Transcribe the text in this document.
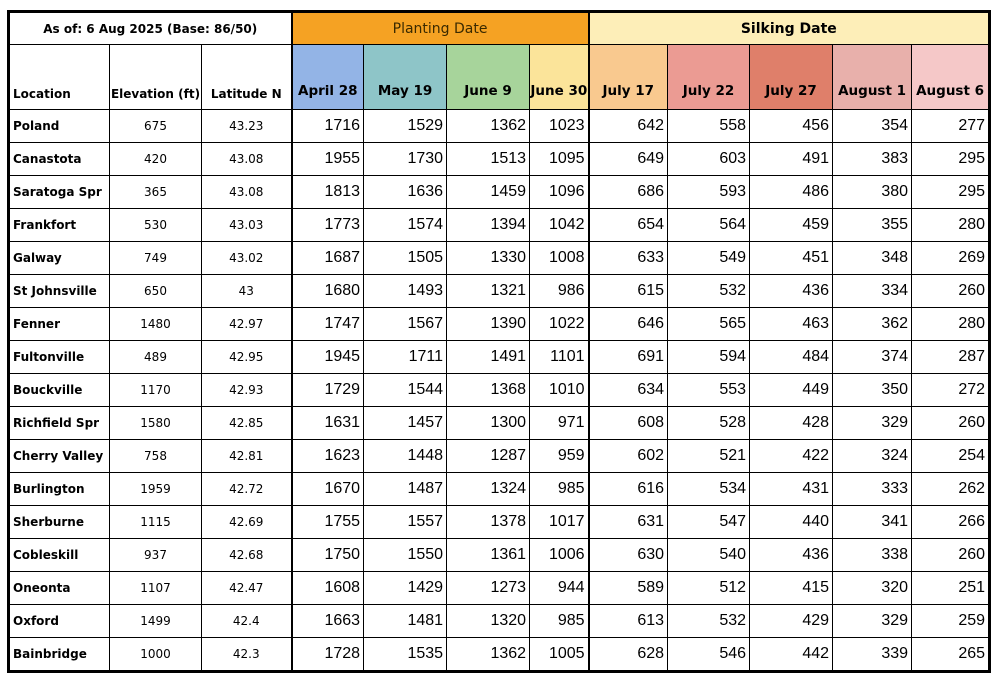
As of: 6 Aug 2025 (Base: 86/50)			Planting Date				Silking Date				
Location	Elevation (ft)	Latitude N	April 28	May 19	June 9	June 30	July 17	July 22	July 27	August 1	August 6
Poland	675	43.23	1716	1529	1362	1023	642	558	456	354	277
Canastota	420	43.08	1955	1730	1513	1095	649	603	491	383	295
Saratoga Spr	365	43.08	1813	1636	1459	1096	686	593	486	380	295
Frankfort	530	43.03	1773	1574	1394	1042	654	564	459	355	280
Galway	749	43.02	1687	1505	1330	1008	633	549	451	348	269
St Johnsville	650	43	1680	1493	1321	986	615	532	436	334	260
Fenner	1480	42.97	1747	1567	1390	1022	646	565	463	362	280
Fultonville	489	42.95	1945	1711	1491	1101	691	594	484	374	287
Bouckville	1170	42.93	1729	1544	1368	1010	634	553	449	350	272
Richfield Spr	1580	42.85	1631	1457	1300	971	608	528	428	329	260
Cherry Valley	758	42.81	1623	1448	1287	959	602	521	422	324	254
Burlington	1959	42.72	1670	1487	1324	985	616	534	431	333	262
Sherburne	1115	42.69	1755	1557	1378	1017	631	547	440	341	266
Cobleskill	937	42.68	1750	1550	1361	1006	630	540	436	338	260
Oneonta	1107	42.47	1608	1429	1273	944	589	512	415	320	251
Oxford	1499	42.4	1663	1481	1320	985	613	532	429	329	259
Bainbridge	1000	42.3	1728	1535	1362	1005	628	546	442	339	265
